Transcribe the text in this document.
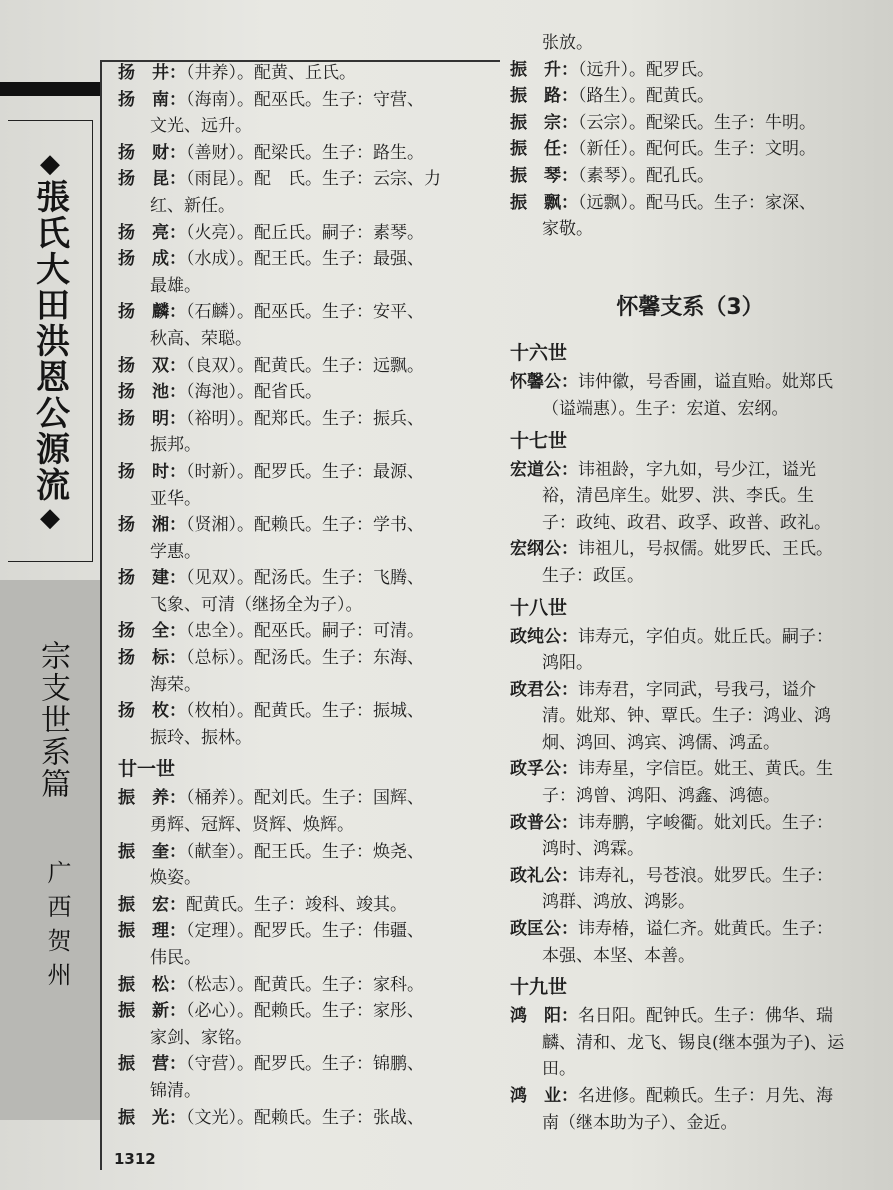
◆
張氏大田洪恩公源流
◆
宗支世系篇
广西贺州
扬　井：（井养）。配黄、丘氏。
扬　南：（海南）。配巫氏。生子：守营、
文光、远升。
扬　财：（善财）。配梁氏。生子：路生。
扬　昆：（雨昆）。配　氏。生子：云宗、力
红、新任。
扬　亮：（火亮）。配丘氏。嗣子：素琴。
扬　成：（水成）。配王氏。生子：最强、
最雄。
扬　麟：（石麟）。配巫氏。生子：安平、
秋高、荣聪。
扬　双：（良双）。配黄氏。生子：远飘。
扬　池：（海池）。配省氏。
扬　明：（裕明）。配郑氏。生子：振兵、
振邦。
扬　时：（时新）。配罗氏。生子：最源、
亚华。
扬　湘：（贤湘）。配赖氏。生子：学书、
学惠。
扬　建：（见双）。配汤氏。生子：飞腾、
飞象、可清（继扬全为子）。
扬　全：（忠全）。配巫氏。嗣子：可清。
扬　标：（总标）。配汤氏。生子：东海、
海荣。
扬　枚：（枚柏）。配黄氏。生子：振城、
振玲、振林。
廿一世
振　养：（桶养）。配刘氏。生子：国辉、
勇辉、冠辉、贤辉、焕辉。
振　奎：（献奎）。配王氏。生子：焕尧、
焕姿。
振　宏：配黄氏。生子：竣科、竣其。
振　理：（定理）。配罗氏。生子：伟疆、
伟民。
振　松：（松志）。配黄氏。生子：家科。
振　新：（必心）。配赖氏。生子：家彤、
家剑、家铭。
振　营：（守营）。配罗氏。生子：锦鹏、
锦清。
振　光：（文光）。配赖氏。生子：张战、
张放。
振　升：（远升）。配罗氏。
振　路：（路生）。配黄氏。
振　宗：（云宗）。配梁氏。生子：牛明。
振　任：（新任）。配何氏。生子：文明。
振　琴：（素琴）。配孔氏。
振　飘：（远飘）。配马氏。生子：家深、
家敬。
怀馨支系（3）
十六世
怀馨公：讳仲徽，号香圃，谥直贻。妣郑氏
（谥端惠）。生子：宏道、宏纲。
十七世
宏道公：讳祖龄，字九如，号少江，谥光
裕，清邑庠生。妣罗、洪、李氏。生
子：政纯、政君、政孚、政普、政礼。
宏纲公：讳祖儿，号叔儒。妣罗氏、王氏。
生子：政匡。
十八世
政纯公：讳寿元，字伯贞。妣丘氏。嗣子：
鸿阳。
政君公：讳寿君，字同武，号我弓，谥介
清。妣郑、钟、覃氏。生子：鸿业、鸿
炯、鸿回、鸿宾、鸿儒、鸿孟。
政孚公：讳寿星，字信臣。妣王、黄氏。生
子：鸿曾、鸿阳、鸿鑫、鸿德。
政普公：讳寿鹏，字峻衢。妣刘氏。生子：
鸿时、鸿霖。
政礼公：讳寿礼，号苍浪。妣罗氏。生子：
鸿群、鸿放、鸿影。
政匡公：讳寿椿，谥仁齐。妣黄氏。生子：
本强、本坚、本善。
十九世
鸿　阳：名日阳。配钟氏。生子：佛华、瑞
麟、清和、龙飞、锡良(继本强为子)、运
田。
鸿　业：名进修。配赖氏。生子：月先、海
南（继本助为子）、金近。
1312
